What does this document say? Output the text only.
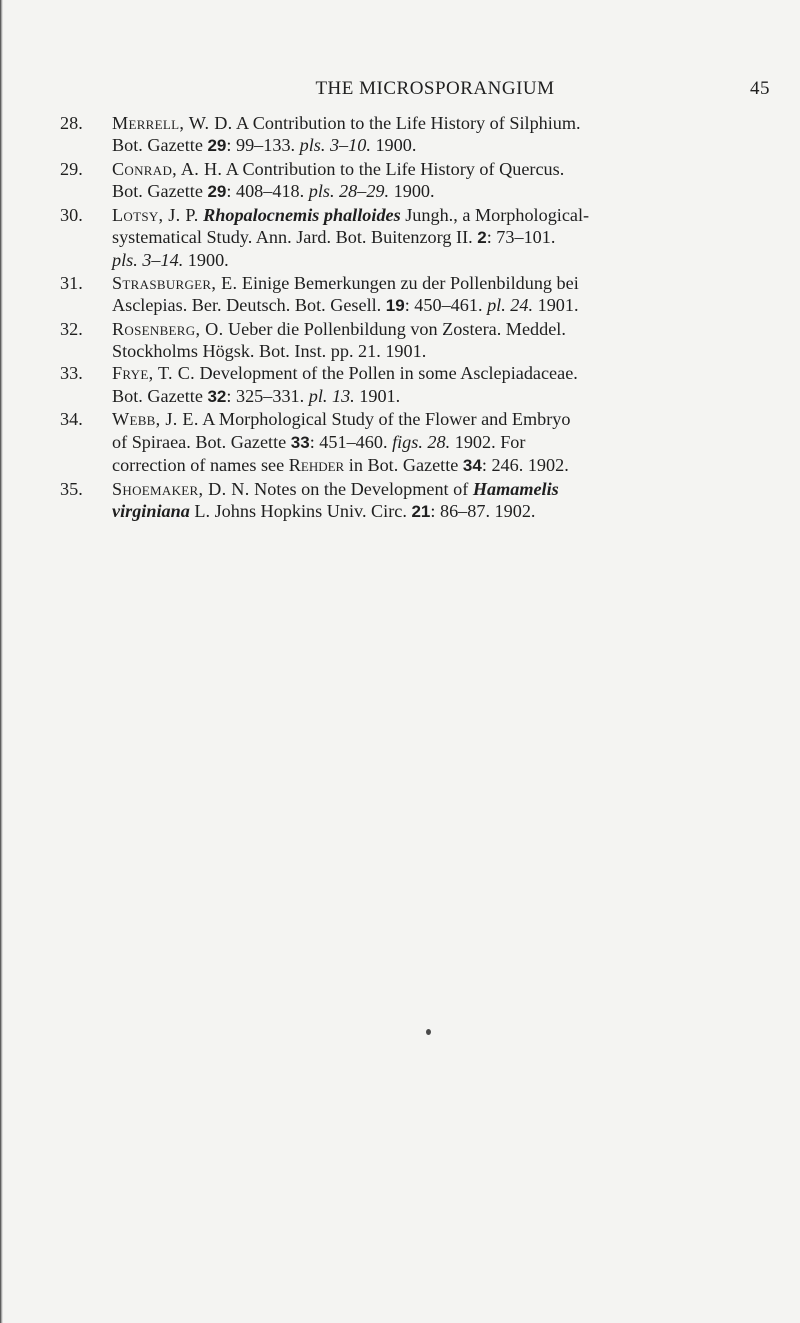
THE MICROSPORANGIUM	45

28.	Merrell, W. D. A Contribution to the Life History of Silphium.
Bot. Gazette 29: 99–133. pls. 3–10. 1900.

29.	Conrad, A. H. A Contribution to the Life History of Quercus.
Bot. Gazette 29: 408–418. pls. 28–29. 1900.

30.	Lotsy, J. P. Rhopalocnemis phalloides Jungh., a Morphological-
systematical Study. Ann. Jard. Bot. Buitenzorg II. 2: 73–101.
pls. 3–14. 1900.

31.	Strasburger, E. Einige Bemerkungen zu der Pollenbildung bei
Asclepias. Ber. Deutsch. Bot. Gesell. 19: 450–461. pl. 24. 1901.

32.	Rosenberg, O. Ueber die Pollenbildung von Zostera. Meddel.
Stockholms Högsk. Bot. Inst. pp. 21. 1901.

33.	Frye, T. C. Development of the Pollen in some Asclepiadaceae.
Bot. Gazette 32: 325–331. pl. 13. 1901.

34.	Webb, J. E. A Morphological Study of the Flower and Embryo
of Spiraea. Bot. Gazette 33: 451–460. figs. 28. 1902. For
correction of names see Rehder in Bot. Gazette 34: 246. 1902.

35.	Shoemaker, D. N. Notes on the Development of Hamamelis
virginiana L. Johns Hopkins Univ. Circ. 21: 86–87. 1902.
